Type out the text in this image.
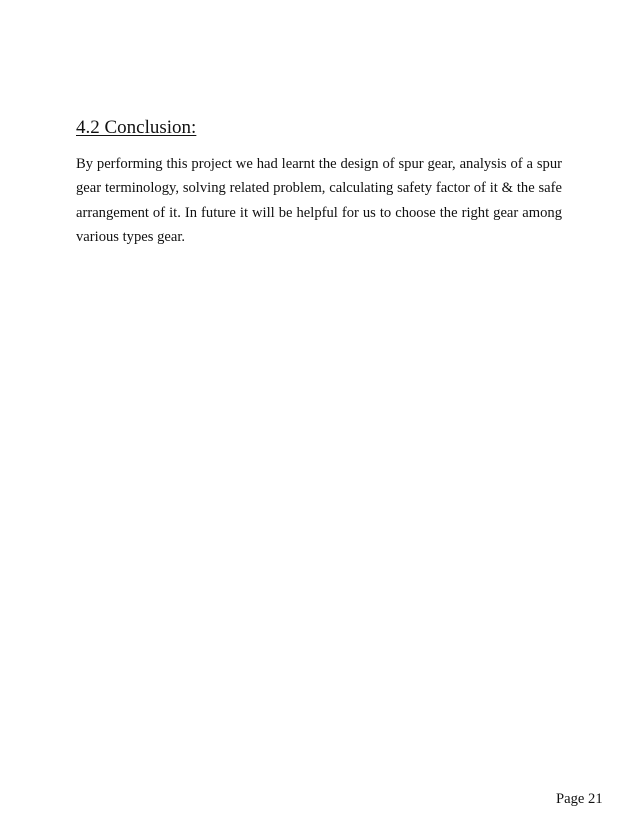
4.2 Conclusion:

By performing this project we had learnt the design of spur gear, analysis of a spur gear terminology, solving related problem, calculating safety factor of it & the safe arrangement of it. In future it will be helpful for us to choose the right gear among various types gear.

Page 21
